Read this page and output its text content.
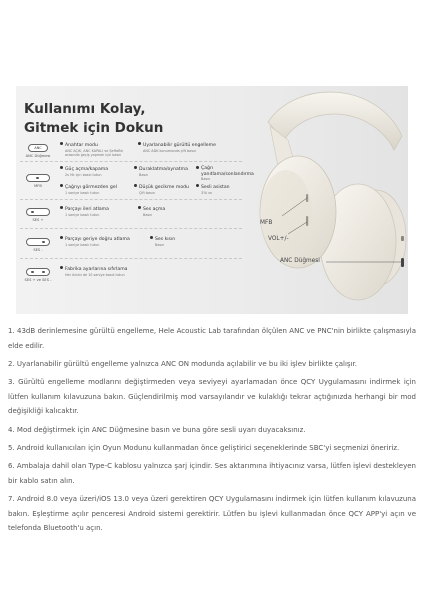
Kullanımı Kolay,
Gitmek için Dokun
ANC
ANC Düğmesi
Anahtar modu
ANC AÇIK, ANC KAPALI ve Şeffaflık
arasında geçiş yapmak için basın
Uyarlanabilir gürültü engelleme
ANC ADK konumunda çift basın
MFB
Güç açma/kapama
2s Hk için basılı tutun
Duraklatma/oynatma
Basın
Çağrı yanıtlama/sonlandırma
Basın
Çağrıyı görmezden gel
1 saniye basılı tutun
Düşük gecikme modu
Çift basın
Sesli asistan
3'lü sn
SES +
Parçayı ileri atlama
1 saniye basılı tutun
Ses açma
Basın
SES -
Parçayı geriye doğru atlama
1 saniye basılı tutun
Ses kısın
Basın
SES + ve SES -
Fabrika ayarlarına sıfırlama
Her ikisini de 10 saniye basılı tutun
MFB
VOL+/-
ANC Düğmesi

1. 43dB derinlemesine gürültü engelleme, Hele Acoustic Lab tarafından ölçülen ANC ve PNC'nin birlikte çalışmasıyla elde edilir.

2. Uyarlanabilir gürültü engelleme yalnızca ANC ON modunda açılabilir ve bu iki işlev birlikte çalışır.

3. Gürültü engelleme modlarını değiştirmeden veya seviyeyi ayarlamadan önce QCY Uygulamasını indirmek için lütfen kullanım kılavuzuna bakın. Güçlendirilmiş mod varsayılandır ve kulaklığı tekrar açtığınızda herhangi bir mod değişikliği kalıcaktır.

4. Mod değiştirmek için ANC Düğmesine basın ve buna göre sesli uyarı duyacaksınız.

5. Android kullanıcıları için Oyun Modunu kullanmadan önce geliştirici seçeneklerinde SBC'yi seçmenizi öneririz.

6. Ambalaja dahil olan Type-C kablosu yalnızca şarj içindir. Ses aktarımına ihtiyacınız varsa, lütfen işlevi destekleyen bir kablo satın alın.

7. Android 8.0 veya üzeri/iOS 13.0 veya üzeri gerektiren QCY Uygulamasını indirmek için lütfen kullanım kılavuzuna bakın. Eşleştirme açılır penceresi Android sistemi gerektirir. Lütfen bu işlevi kullanmadan önce QCY APP'yi açın ve telefonda Bluetooth'u açın.
